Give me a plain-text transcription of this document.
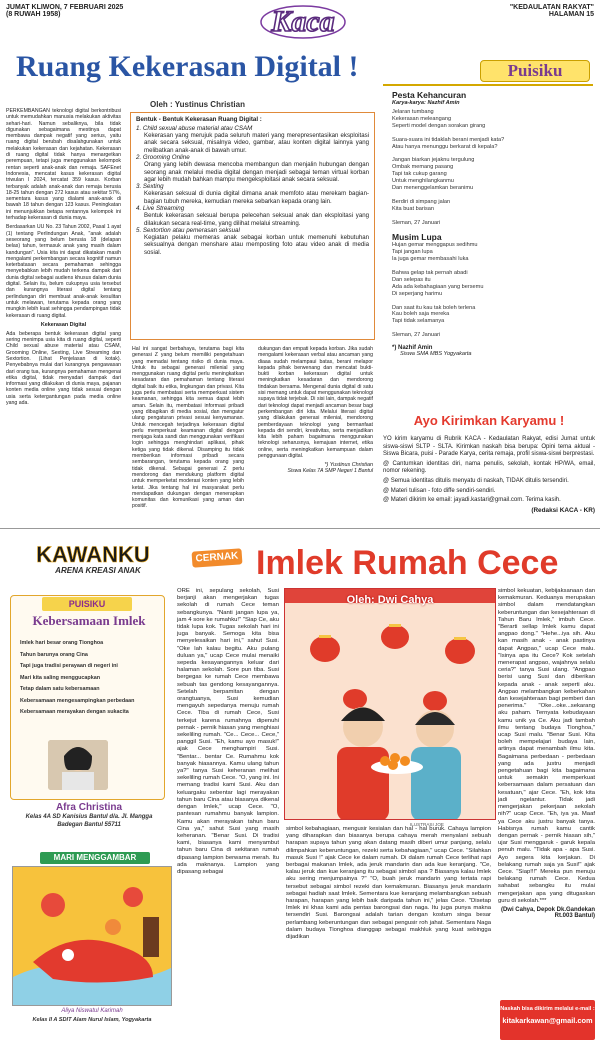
JUMAT KLIWON, 7 FEBRUARI 2025
(8 RUWAH 1958)	Kaca	"KEDAULATAN RAKYAT"
HALAMAN 15
Ruang Kekerasan Digital !

PERKEMBANGAN teknologi digital berkontribusi untuk memudahkan manusia melakukan aktivitas sehari-hari. Namun sebaliknya, bila tidak digunakan sebagaimana mestinya dapat membawa dampak negatif yang serius, yaitu ruang digital berubah disalahgunakan untuk melakukan kekerasan dan kejahatan. Kekerasan di ruang digital tidak hanya menargetkan perempuan, tetapi juga menggunakan kelompok rentan seperti anak-anak dan remaja. SAFEnet Indonesia, mencatat kasus kekerasan digital triwulan I 2024, tercatat 359 kasus. Korban terbanyak adalah anak-anak dan remaja berusia 18-25 tahun dengan 272 kasus atau sekitar 57%, sementara kasus yang dialami anak-anak di bawah 18 tahun dengan 123 kasus. Peningkatan ini menunjukkan betapa rentannya kelompok ini terhadap kekerasan di dunia maya.

Berdasarkan UU No. 23 Tahun 2002, Pasal 1 ayat (1) tentang Perlindungan Anak, "anak adalah seseorang yang belum berusia 18 (delapan belas) tahun, termasuk anak yang masih dalam kandungan". Usia kita ini dapat dikatakan masih mengalami perkembangan secara kognitif namun keterbatasan secara pemahaman sehingga menyebabkan lebih mudah terkena dampak dari dunia digital sebagai audiens khusus dalam dunia digital. Selain itu, belum cukupnya usia tersebut dan kurangnya literasi digital tentang perlindungan diri membuat anak-anak kesulitan untuk melawan, terutama kepada orang yang mungkin lebih kuat sehingga pendampingan tidak kekerasan di ruang digital.

Kekerasan Digital

Ada beberapa bentuk kekerasan digital yang sering menimpa usia kita di ruang digital, seperti Child sexual abuse material atau CSAM, Grooming Online, Sexting, Live Streaming dan Sextortion. (Lihat Penjelasan di kotak). Penyebabnya mulai dari kurangnya pengawasan dari orang tua, kurangnya pemahaman mengenai etika digital, tidak menyadari dampak dari informasi yang dilakukan di dunia maya, pajanan konten media online yang tidak sesuai dengan usia serta ketergantungan pada media online yang ada.

Oleh : Yustinus Christian
Bentuk - Bentuk Kekerasan Ruang Digital :
1. Child sexual abuse material atau CSAM

Kekerasan yang merujuk pada seluruh materi yang merepresentasikan eksploitasi anak secara seksual, misalnya video, gambar, atau konten digital lainnya yang melibatkan anak-anak di bawah umur.

2. Grooming Online

Orang yang lebih dewasa mencoba membangun dan menjalin hubungan dengan seorang anak melalui media digital dengan menjadi sebagai teman virtual korban agar lebih mudah bahkan mampu mengeksploitasi anak secara seksual.

3. Sexting

Kekerasan seksual di dunia digital dimana anak memfoto atau merekam bagian-bagian tubuh mereka, kemudian mereka sebarkan kepada orang lain.

4. Live Streaming

Bentuk kekerasan seksual berupa pelecehan seksual anak dan eksploitasi yang dilakukan secara real-time, yang dilihat melalui streaming.

5. Sextortion atau pemerasan seksual

Kegiatan pelaku memeras anak sebagai korban untuk memenuhi kebutuhan seksualnya dengan menshare atau memposting foto atau video anak di media sosial.

Hal ini sangat berbahaya, terutama bagi kita generasi Z yang belum memiliki pengetahuan yang memadai tentang risiko di dunia maya. Untuk itu sebagai generasi milenial yang menggunakan ruang digital perlu meningkatkan kesadaran dan pemahaman tentang literasi digital baik itu etika, lingkungan dan privasi. Kita juga perlu membatasi serta memperkuat sistem keamanan, sehingga kita semua dapat lebih aman. Selain itu, membatasi informasi pribadi yang dibagikan di media sosial, dan mengatur ulang pengaturan privasi sesuai kenyamanan. Untuk mencegah terjadinya kekerasan digital perlu memperkuat keamanan digital dengan menjaga kata sandi dan menggunakan verifikasi login sehingga menghindari aplikasi, pihak ketiga yang tidak dikenal. Disamping itu tidak memberikan informasi pribadi secara sembarangan, terutama kepada orang yang tidak dikenal. Sebagai generasi Z perlu mendorong dan mendukung platform digital untuk memperketat moderasi konten yang lebih ketat. Jika tentang hal ini masyarakat perlu mendapatkan dukungan dengan menerapkan komunitas dan komunikasi yang aman dan positif.

dukungan dan empati kepada korban. Jika sudah mengalami kekerasan verbal atau ancaman yang diaaa sudah melampaui batas, berani melapor kepada pihak berwenang dan mencatat bukti-bukti korban kekerasan digital untuk meningkatkan kesadaran dan mendorong tindakan bersama. Mengenal dunia digital di satu sisi memang untuk dapat menggunakan teknologi supaya tidak terjebak. Di sisi lain, dampak negatif dari teknologi dapat menjadi ancaman besar bagi perkembangan diri kita. Melalui literasi digital yang dilakukan generasi milenial, mendorong pemberdayaan teknologi yang bermanfaat kepada diri sendiri, kreativitas, serta menjadikan kita lebih paham bagaimana menggunakan teknologi seharusnya, kemajuan internet, etika online, serta meningkatkan kemampuan dalam penggunaan digital.

*) Yustinus Christian
Siswa Kelas 7A SMP Negeri 1 Bantul
Puisiku
Pesta Kehancuran
Karya-karya: Nazhif Amin
Jelaran tumbang
Kekerasan meleangang
Seperti model dengan sorakan girang

Suara-suara ini tidaklah berani menjadi kata?
Atau hanya menunggu berkarat di kepala?

Jangan biarkan jejaknu tergulung
Ombak memang pasang
Tapi tak cukup garang
Untuk menghilangkanmu
Dan menenggelamkan beranimu

Berdiri di simpang jalan
Kita buat barisan

Sleman, 27 Januari
Musim Lupa
Hujan gemar menggapus sedihmu
Tapi jangan lupa
Ia juga gemar membasahi luka

Bahwa gelap tak pernah abadi
Dan selepas itu
Ada ada kebahagiaan yang bersemu
Di seperjang harimu

Dan saat itu kau tak boleh terlena
Kau boleh saja mereka
Tapi tidak selamanya

Sleman, 27 Januari
*) Nazhif Amin
Siswa SMA MBS Yogyakarta
Ayo Kirimkan Karyamu !

YO kirim karyamu di Rubrik KACA - Kedaulatan Rakyat, edisi Jumat untuk siswa-siswi SLTP - SLTA. Kirimkan naskah bisa berupa: Opini tema aktual - Siswa Bicara, puisi - Parade Karya, cerita remaja, profil siswa-siswi berprestasi.

@ Cantumkan identitas diri, nama penulis, sekolah, kontak HP/WA, email, nomor rekening.

@ Semua identitas ditulis menyatu di naskah, TIDAK ditulis tersendiri.

@ Materi tulisan - foto diffe sendiri-sendiri.

@ Materi dikirim ke email: jayadi.kastari@gmail.com. Terima kasih.

(Redaksi KACA - KR)
KAWANKU
ARENA KREASI ANAK
CERNAK Imlek Rumah Cece
PUISIKU
Kebersamaan Imlek
Imlek hari besar orang Tionghoa
Tahun barunya orang Cina
Tapi juga tradisi perayaan di negeri ini
Mari kita saling menggucapkan
Tetap dalam satu kebersamaan
Kebersamaan mengesampingkan perbedaan
Kebersamaan merayakan dengan sukacita
Afra Christina
Kelas 4A SD Kanisius Bantul d/a. Jl. Mangga Badegan Bantul 55711
MARI MENGGAMBAR
Aliya Niswatul Karimah
Kelas II A SDIT Alam Nurul Islam, Yogyakarta

ORE ini, sepulang sekolah, Susi berjanji akan mengerjakan tugas sekolah di rumah Cece teman sebangkunya. "Nanti jangan lupa ya, jam 4 sore ke rumahku!" "Siap Ce, aku tidak lupa kok. Tugas sekolah hari ini juga banyak. Semoga kita bisa menyelesaikan hari ini," sahut Susi. "Oke lah kalau begitu. Aku pulang duluan ya," ucap Cece mulai menaiki sepeda kesayangannya keluar dari halaman sekolah. Sore pun tiba. Susi bergegas ke rumah Cece membawa sebuah tas gendong kesayangannya. Setelah berpamitan dengan orangtuanya, Susi kemudian mengayuh sepedanya menuju rumah Cece. Tiba di rumah Cece, Susi terkejut karena rumahnya dipenuhi pernak - pernik hiasan yang menghiasi sekeliling rumah. "Ce... Cece... Cece," panggil Susi. "Eh, kamu ayo masuk!" ajak Cece menghampiri Susi. "Bentar... bentar Ce. Rumahmu kok banyak hiasannya. Kamu ulang tahun ya?" tanya Susi keheranan melihat sekeliling rumah Cece. "O, yang ini. Ini memang tradisi kami Susi. Aku dan keluargaku sebentar lagi merayakan tahun baru Cina atau biasanya dikenal dengan Imlek," ucap Cece. "O, pantesan rumahmu banyak lampion. Kamu akan merayakan tahun baru Cina ya," sahut Susi yang masih keheranan. "Benar Susi. Di tradisi kami, biasanya kami menyambut tahun baru Cina di sekitaran rumah dipasang lampion berwarna merah. Itu ada maknanya. Lampion yang dipasang sebagai

Oleh: Dwi Cahya
ILUSTRASI JOE

simbol kekuatan, kebijaksanaan dan kemakmuran. Keduanya merupakan simbol dalam mendatangkan keberuntungan dan kesejahteraan di Tahun Baru Imlek," imbuh Cece. "Berarti sellap Imlek kamu dapat angpao dong." "Hehe...iya sih. Aku kan masih anak - anak pastinya dapat Angpao," ucap Cece malu. "Isinya apa itu Cece? Kok setelah menerapat angpao, wajahnya selalu ceria?" tanya Susi ulang. "Angpao berisi uang Susi dan diberikan kepada anak - anak seperti aku. Angpao melambangkan keberkahan dan kesejahteraan bagi pemberi dan penerima." "Oke...oke...sekarang aku paham. Ternyata kebudayaan kamu unik ya Ce. Aku jadi tambah ilmu tentang budaya Tionghoa," ucap Susi malu. "Benar Susi. Kita boleh mempelajari budaya lain, artinya dapat menambah ilmu kita. Bagaimana perbedaan - perbedaan yang ada justru menjadi pengetahuan bagi kita bagaimana untuk semakin memperkuat kebersamaan dalam persatuan dan kesatuan," ajar Cece. "Eh, kok kita jadi ngelantur. Tidak jadi mengerjakan pekerjaan sekolah nih?" ucap Cece. "Eh, iya ya. Maaf ya Cece aku justru banyak tanya. Habisnya rumah kamu cantik dengan pernak - pernik hiasan sih," ujar Susi menggaruk - garuk kepala penuh malu. "Tidak apa - apa Susi. Ayo segera kita kerjakan. Di belakang rumah saja ya Susi!" ajak Cece. "Siap!!!" Mereka pun menuju belakang rumah Cece. Kedua sahabat sebangku itu mulai mengerjakan apa yang ditugaskan guru di sekolah.***

(Dwi Cahya, Depok Dk.Gandekan Rt.003 Bantul)

simbol kebahagiaan, mengusir kesialan dan hal - hal buruk. Cahaya lampion yang diharapkan dan biasanya berupa cahaya merah menyalani sebuah harapan supaya tahun yang akan datang masih diberi umur panjang, selalu dilimpahkan keberuntungan, rezeki serta kebahagiaan," ucap Cece. "Silahkan masuk Susi !" ajak Cece ke dalam rumah. Di dalam rumah Cece terlihat rapi berbagai makanan Imlek, ada jeruk mandarin dan ada kue keranjang. "Ce, kalau jeruk dan kue keranjang itu sebagai simbol apa ? Biasanya kalau Imlek aku sering menjumpainya ?" "O, buah jeruk mandarin yang tertata rapi tersebut sebagai simbol rezeki dan kemakmuran. Biasanya jeruk mandarin sebagai hadiah saat Imlek. Sementara kue keranjang melambangkan sebuah harapan, harapan yang lebih baik daripada tahun ini," jelas Cece. "Disetap Imlek ini khas kami ada pentas barongsai dan naga. Itu juga punya makna tersendiri Susi. Barongsai adalah tarian dengan kostum singa besar perlambang keberuntungan dan sebagai pengusir roh jahat. Sementara Naga dalam budaya Tionghoa dianggap sebagai makhluk yang kuat sebingga dijadikan

Naskah bisa dikirim melalui e-mail :
kitakarkawan@gmail.com
